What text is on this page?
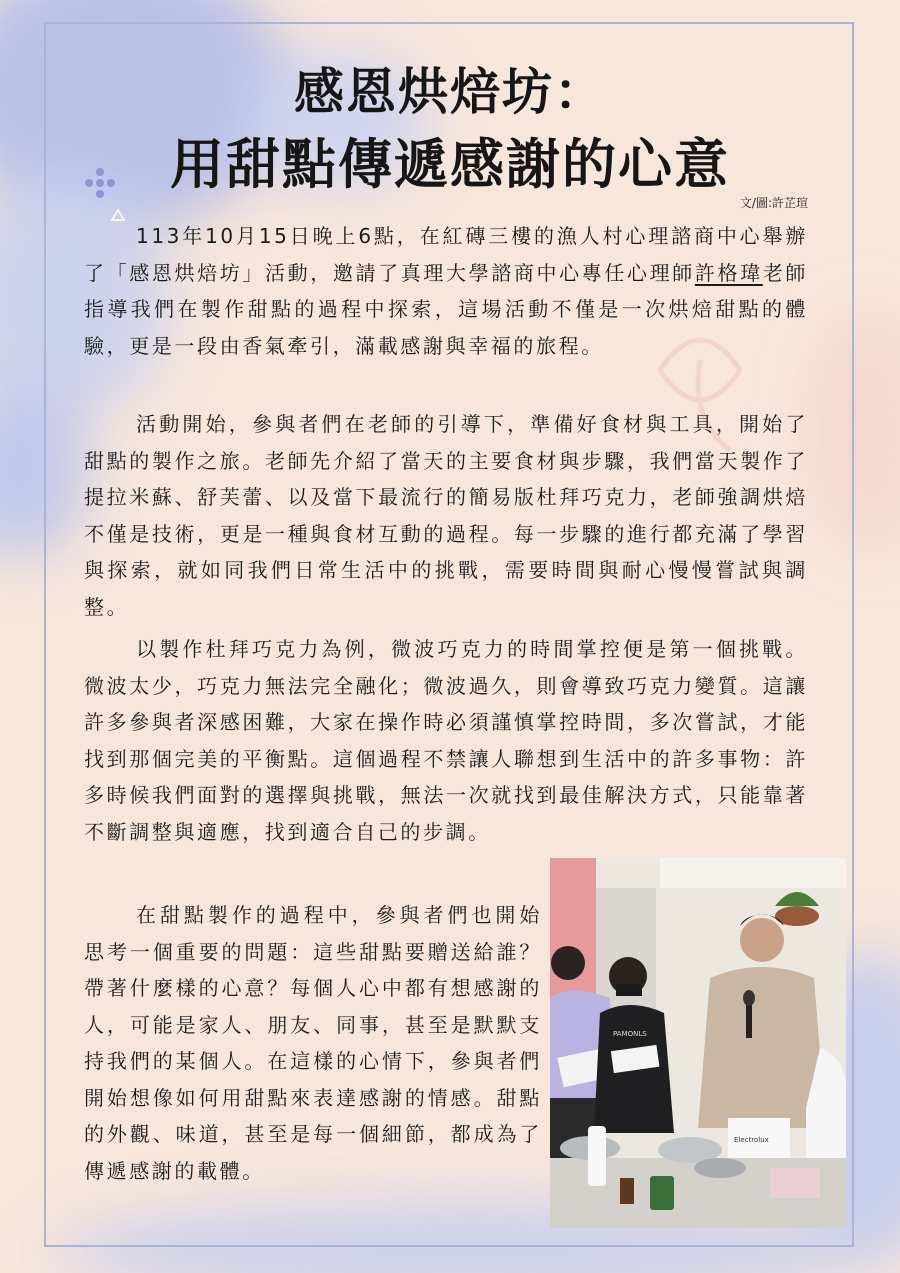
感恩烘焙坊：
用甜點傳遞感謝的心意
文/圖:許芷瑄

113年10月15日晚上6點，在紅磚三樓的漁人村心理諮商中心舉辦了「感恩烘焙坊」活動，邀請了真理大學諮商中心專任心理師許格瑋老師指導我們在製作甜點的過程中探索，這場活動不僅是一次烘焙甜點的體驗，更是一段由香氣牽引，滿載感謝與幸福的旅程。

活動開始，參與者們在老師的引導下，準備好食材與工具，開始了甜點的製作之旅。老師先介紹了當天的主要食材與步驟，我們當天製作了提拉米蘇、舒芙蕾、以及當下最流行的簡易版杜拜巧克力，老師強調烘焙不僅是技術，更是一種與食材互動的過程。每一步驟的進行都充滿了學習與探索，就如同我們日常生活中的挑戰，需要時間與耐心慢慢嘗試與調整。

以製作杜拜巧克力為例，微波巧克力的時間掌控便是第一個挑戰。微波太少，巧克力無法完全融化；微波過久，則會導致巧克力變質。這讓許多參與者深感困難，大家在操作時必須謹慎掌控時間，多次嘗試，才能找到那個完美的平衡點。這個過程不禁讓人聯想到生活中的許多事物：許多時候我們面對的選擇與挑戰，無法一次就找到最佳解決方式，只能靠著不斷調整與適應，找到適合自己的步調。

在甜點製作的過程中，參與者們也開始思考一個重要的問題：這些甜點要贈送給誰？帶著什麼樣的心意？每個人心中都有想感謝的人，可能是家人、朋友、同事，甚至是默默支持我們的某個人。在這樣的心情下，參與者們開始想像如何用甜點來表達感謝的情感。甜點的外觀、味道，甚至是每一個細節，都成為了傳遞感謝的載體。

PAMONLS
Electrolux
